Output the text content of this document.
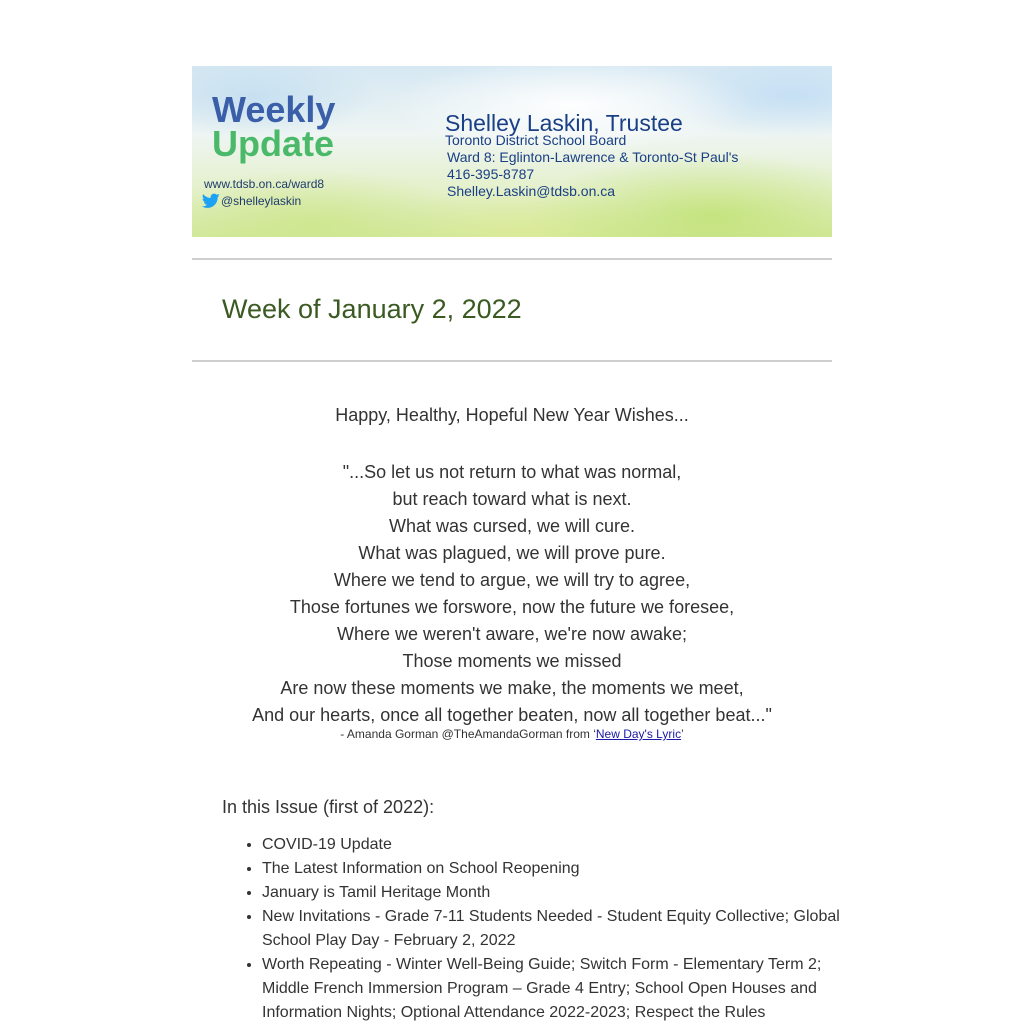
Weekly
Update
www.tdsb.on.ca/ward8
@shelleylaskin
Shelley Laskin, Trustee
Toronto District School Board
Ward 8: Eglinton-Lawrence & Toronto-St Paul's
416-395-8787
Shelley.Laskin@tdsb.on.ca
Week of January 2, 2022
Happy, Healthy, Hopeful New Year Wishes...
"...So let us not return to what was normal,
but reach toward what is next.
What was cursed, we will cure.
What was plagued, we will prove pure.
Where we tend to argue, we will try to agree,
Those fortunes we forswore, now the future we foresee,
Where we weren't aware, we're now awake;
Those moments we missed
Are now these moments we make, the moments we meet,
And our hearts, once all together beaten, now all together beat..."
- Amanda Gorman @TheAmandaGorman from ‘New Day's Lyric’
In this Issue (first of 2022):
• COVID-19 Update
• The Latest Information on School Reopening
• January is Tamil Heritage Month
• New Invitations - Grade 7-11 Students Needed - Student Equity Collective; Global School Play Day - February 2, 2022
• Worth Repeating - Winter Well-Being Guide; Switch Form - Elementary Term 2; Middle French Immersion Program – Grade 4 Entry; School Open Houses and Information Nights; Optional Attendance 2022-2023; Respect the Rules
